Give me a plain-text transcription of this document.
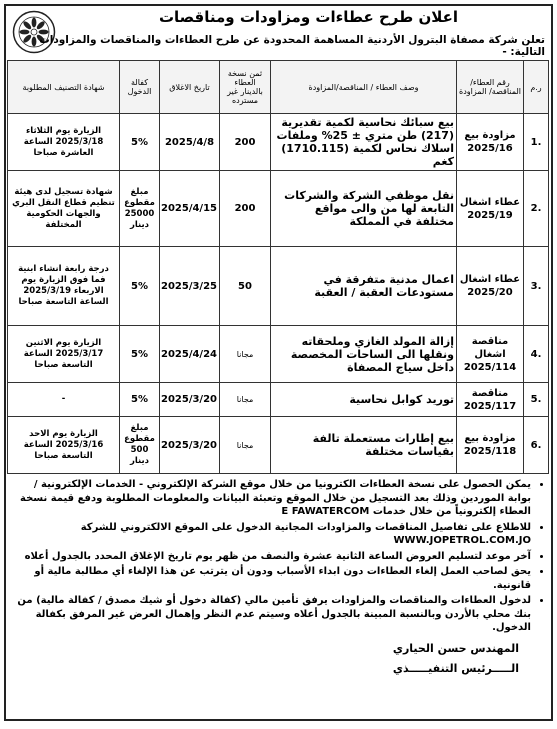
اعلان طرح عطاءات ومزاودات ومناقصات
تعلن شركة مصفاة البترول الأردنية المساهمة المحدودة عن طرح العطاءات والمناقصات والمزاودات التالية: -
ر.م	رقم العطاء/ المناقصة/ المزاودة	وصف العطاء / المناقصة/المزاودة	ثمن نسخة العطاء بالدينار غير مسترده	تاريخ الاغلاق	كفالة الدخول	شهادة التصنيف المطلوبة
.1	مزاودة بيع 2025/16	بيع سبائك نحاسية لكمية تقديرية (217) طن متري ± 25% وملفات اسلاك نحاس لكمية (1710.115) كغم	200	2025/4/8	5%	الزيارة يوم الثلاثاء 2025/3/18 الساعة العاشرة صباحا
.2	عطاء اشغال 2025/19	نقل موظفي الشركة والشركات التابعة لها من والى مواقع مختلفة في المملكة	200	2025/4/15	مبلغ مقطوع 25000 دينار	شهادة تسجيل لدى هيئة تنظيم قطاع النقل البري والجهات الحكومية المختلفة
.3	عطاء اشغال 2025/20	اعمال مدنية متفرقة في مستودعات العقبة / العقبة	50	2025/3/25	5%	درجة رابعة انشاء ابنية فما فوق الزيارة يوم الاربعاء 2025/3/19 الساعة التاسعة صباحا
.4	مناقصة اشغال 2025/114	إزالة المولد الغازي وملحقاته ونقلها الى الساحات المخصصة داخل سياج المصفاة	مجانا	2025/4/24	5%	الزيارة يوم الاثنين 2025/3/17 الساعة التاسعة صباحا
.5	مناقصة 2025/117	توريد كوابل نحاسية	مجانا	2025/3/20	5%	-
.6	مزاودة بيع 2025/118	بيع إطارات مستعملة تالفة بقياسات مختلفة	مجانا	2025/3/20	مبلغ مقطوع 500 دينار	الزيارة يوم الاحد 2025/3/16 الساعة التاسعة صباحا
• يمكن الحصول على نسخة العطاءات الكترونيا من خلال موقع الشركة الإلكتروني - الخدمات الإلكترونية / بوابة الموردين وذلك بعد التسجيل من خلال الموقع وتعبئة البيانات والمعلومات المطلوبة ودفع قيمة نسخة العطاء إلكترونياً من خلال خدمات E FAWATERCOM
• للاطلاع على تفاصيل المناقصات والمزاودات المجانية الدخول على الموقع الالكتروني للشركة WWW.JOPETROL.COM.JO
• آخر موعد لتسليم العروض الساعة الثانية عشرة والنصف من ظهر يوم تاريخ الإغلاق المحدد بالجدول أعلاه
• يحق لصاحب العمل إلغاء العطاءات دون ابداء الأسباب ودون أن يترتب عن هذا الإلغاء أي مطالبة مالية أو قانونية.
• لدخول العطاءات والمناقصات والمزاودات يرفق تأمين مالي (كفالة دخول أو شيك مصدق / كفالة مالية) من بنك محلي بالأردن وبالنسبة المبينة بالجدول أعلاه وسيتم عدم النظر وإهمال العرض غير المرفق بكفالة الدخول.
المهندس حسن الحياري
الـــــرئيس التنفيـــــذي
